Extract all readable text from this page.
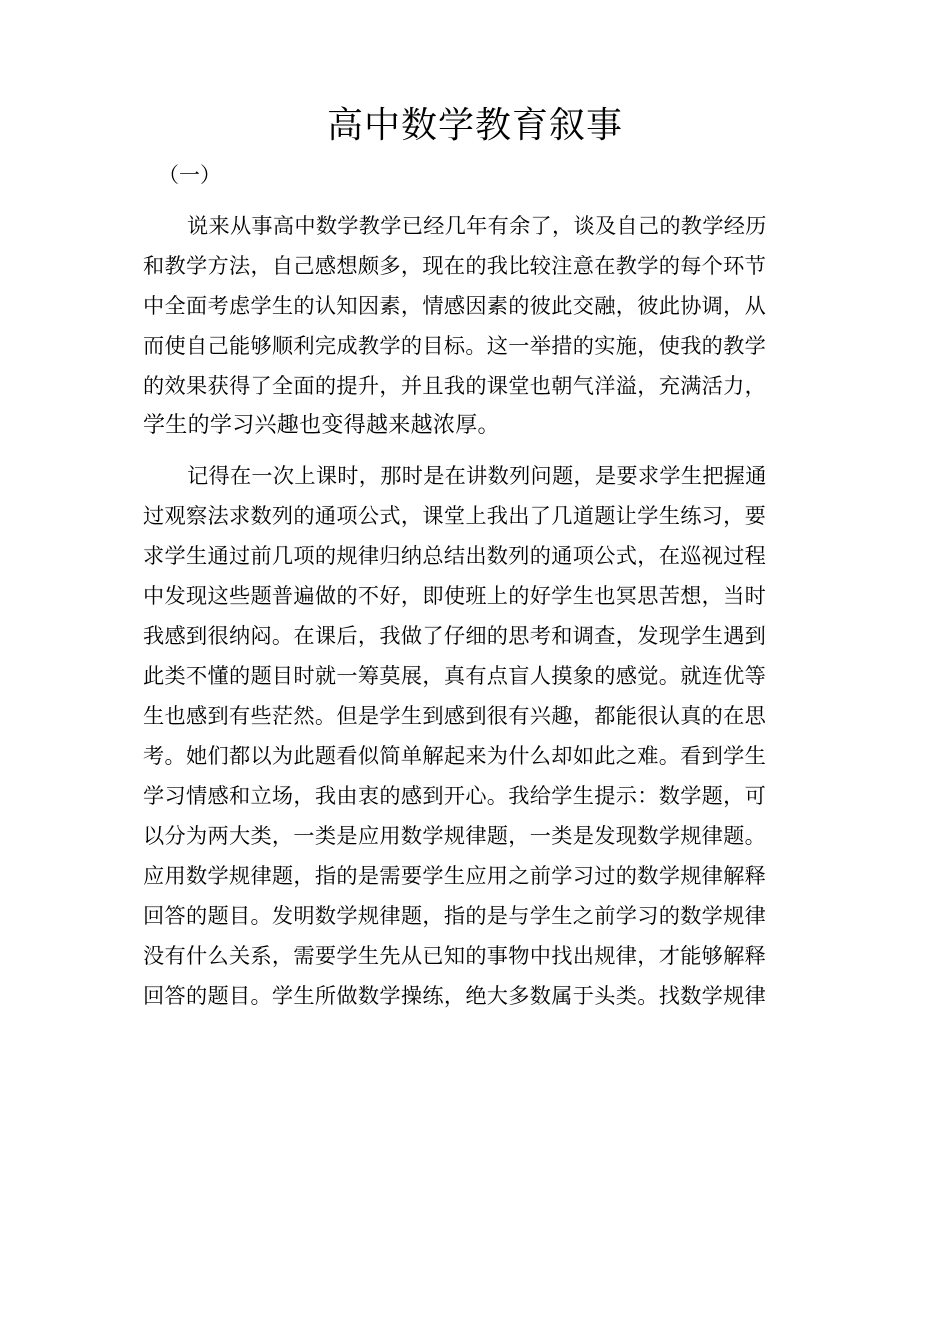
高中数学教育叙事
（一）
说来从事高中数学教学已经几年有余了，谈及自己的教学经历
和教学方法，自己感想颇多，现在的我比较注意在教学的每个环节
中全面考虑学生的认知因素，情感因素的彼此交融，彼此协调，从
而使自己能够顺利完成教学的目标。这一举措的实施，使我的教学
的效果获得了全面的提升，并且我的课堂也朝气洋溢，充满活力，
学生的学习兴趣也变得越来越浓厚。
记得在一次上课时，那时是在讲数列问题，是要求学生把握通
过观察法求数列的通项公式，课堂上我出了几道题让学生练习，要
求学生通过前几项的规律归纳总结出数列的通项公式，在巡视过程
中发现这些题普遍做的不好，即使班上的好学生也冥思苦想，当时
我感到很纳闷。在课后，我做了仔细的思考和调查，发现学生遇到
此类不懂的题目时就一筹莫展，真有点盲人摸象的感觉。就连优等
生也感到有些茫然。但是学生到感到很有兴趣，都能很认真的在思
考。她们都以为此题看似简单解起来为什么却如此之难。看到学生
学习情感和立场，我由衷的感到开心。我给学生提示：数学题，可
以分为两大类，一类是应用数学规律题，一类是发现数学规律题。
应用数学规律题，指的是需要学生应用之前学习过的数学规律解释
回答的题目。发明数学规律题，指的是与学生之前学习的数学规律
没有什么关系，需要学生先从已知的事物中找出规律，才能够解释
回答的题目。学生所做数学操练，绝大多数属于头类。找数学规律
